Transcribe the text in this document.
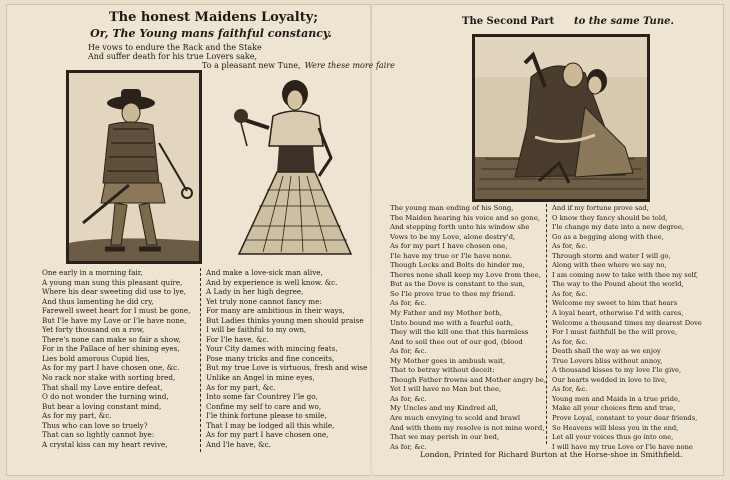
The honest Maidens Loyalty;
Or, The Young mans faithful constancy.
He vows to endure the Rack and the Stake
And suffer death for his true Lovers sake,
To a pleasant new Tune, Were these more faire
The Second Part to the same Tune.
One early in a morning fair,
A young man sung this pleasant quire,
Where his dear sweeting did use to lye,
And thus lamenting he did cry,
Farewell sweet heart for I must be gone,
But I'le have my Love or I'le have none,
Yet forty thousand on a row,
There's none can make so fair a show,
For in the Pallace of her shining eyes,
Lies bold amorous Cupid lies,
As for my part I have chosen one, &c.
No rack nor stake with sorting bred,
That shall my Love entire defeat,
O do not wonder the turning wind,
But bear a loving constant mind,
As for my part, &c.
Thus who can love so truely?
That can so lightly cannot bye:
A crystal kiss can my heart revive,
And make a love-sick man alive,
And by experience is well know. &c.
A Lady in her high degree,
Yet truly none cannot fancy me:
For many are ambitious in their ways,
But Ladies thinks young men should praise
I will be faithful to my own,
For I'le have, &c.
Your City dames with mincing feats,
Pose many tricks and fine conceits,
But my true Love is virtuous, fresh and wise
Unlike an Angel in mine eyes,
As for my part, &c.
Into some far Countrey I'le go,
Confine my self to care and wo,
I'le think fortune please to smile,
That I may be lodged all this while,
As for my part I have chosen one,
And I'le have, &c.
The young man ending of his Song,
The Maiden hearing his voice and so gone,
And stepping forth unto his window she
Vows to be my Love, alone destry'd,
As for my part I have chosen one,
I'le have my true or I'le have none.
Though Locks and Bolts do hinder me,
Theres none shall keep my Love from thee,
But as the Dove is constant to the sun,
So I'le prove true to thee my friend.
As for, &c.
My Father and my Mother both,
Unto bound me with a fearful oath,
They will the kill one that this harmless
And to soil thee out of our god, (blood
As for, &c.
My Mother goes in ambush wait,
That to betray without deceit:
Though Father frowns and Mother angry be,
Yet I will have no Man but thee,
As for, &c.
My Uncles and my Kindred all,
Are much envying to scold and brawl
And with them my resolve is not mine word,
That we may perish in our bed,
As for, &c.
And if my fortune prove sad,
O know they fancy should be told,
I'le change my date into a new degree,
Go as a begging along with thee,
As for, &c.
Through storm and water I will go,
Along with thee where we say no,
I am coming now to take with thee my self,
The way to the Pound about the world,
As for, &c.
Welcome my sweet to him that hears
A loyal heart, otherwise I'd with cares,
Welcome a thousand times my dearest Dove
For I must faithfull be the will prove,
As for, &c.
Death shall the way as we enjoy
True Lovers bliss without annoy,
A thousand kisses to my love I'le give,
Our hearts wedded in love to live,
As for, &c.
Young men and Maids in a true pride,
Make all your choices firm and true,
Prove Loyal, constant to your dear friends,
So Heavens will bless you in the end,
Let all your voices thus go into one,
I will have my true Love or I'le have none
London, Printed for Richard Burton at the Horse-shoe in Smithfield.
